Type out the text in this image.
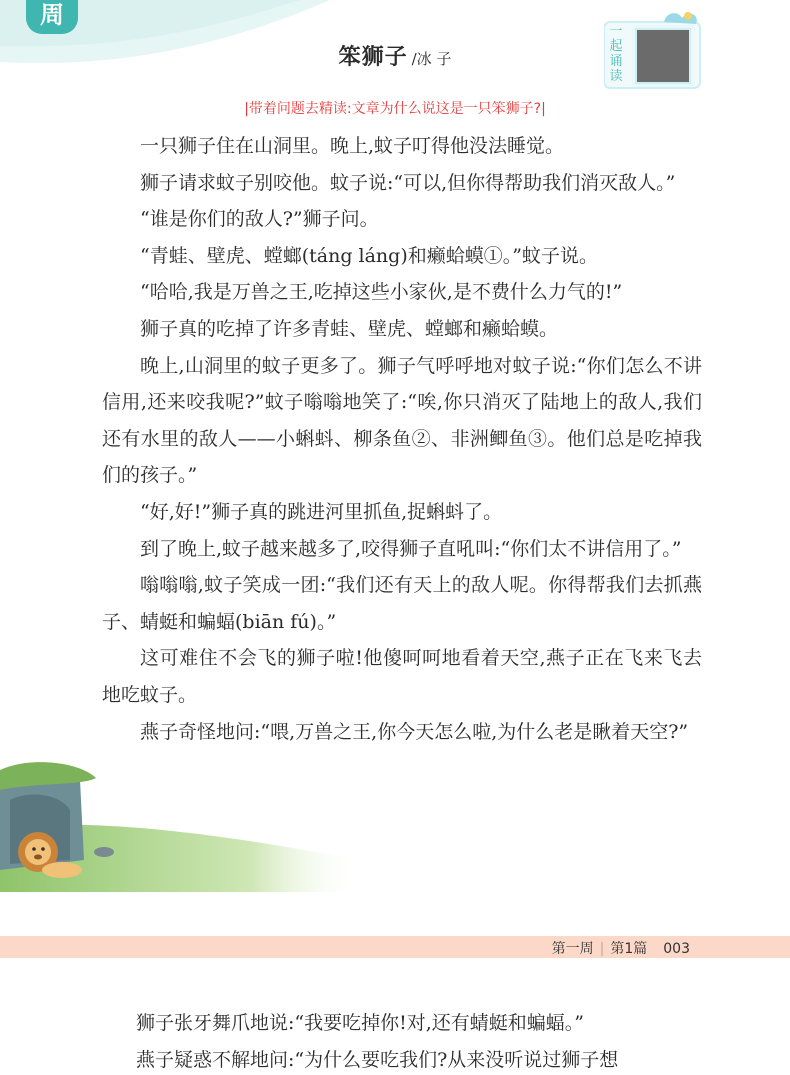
周
笨狮子 /冰 子
一起诵读
|带着问题去精读:文章为什么说这是一只笨狮子?|

一只狮子住在山洞里。晚上,蚊子叮得他没法睡觉。

狮子请求蚊子别咬他。蚊子说:“可以,但你得帮助我们消灭敌人。”

“谁是你们的敌人?”狮子问。

“青蛙、壁虎、螳螂(táng láng)和癞蛤蟆①。”蚊子说。

“哈哈,我是万兽之王,吃掉这些小家伙,是不费什么力气的!”

狮子真的吃掉了许多青蛙、壁虎、螳螂和癞蛤蟆。

晚上,山洞里的蚊子更多了。狮子气呼呼地对蚊子说:“你们怎么不讲信用,还来咬我呢?”蚊子嗡嗡地笑了:“唉,你只消灭了陆地上的敌人,我们还有水里的敌人——小蝌蚪、柳条鱼②、非洲鲫鱼③。他们总是吃掉我们的孩子。”

“好,好!”狮子真的跳进河里抓鱼,捉蝌蚪了。

到了晚上,蚊子越来越多了,咬得狮子直吼叫:“你们太不讲信用了。”

嗡嗡嗡,蚊子笑成一团:“我们还有天上的敌人呢。你得帮我们去抓燕子、蜻蜓和蝙蝠(biān fú)。”

这可难住不会飞的狮子啦!他傻呵呵地看着天空,燕子正在飞来飞去地吃蚊子。

燕子奇怪地问:“喂,万兽之王,你今天怎么啦,为什么老是瞅着天空?”

第一周 | 第1篇 003

狮子张牙舞爪地说:“我要吃掉你!对,还有蜻蜓和蝙蝠。”

燕子疑惑不解地问:“为什么要吃我们?从来没听说过狮子想
